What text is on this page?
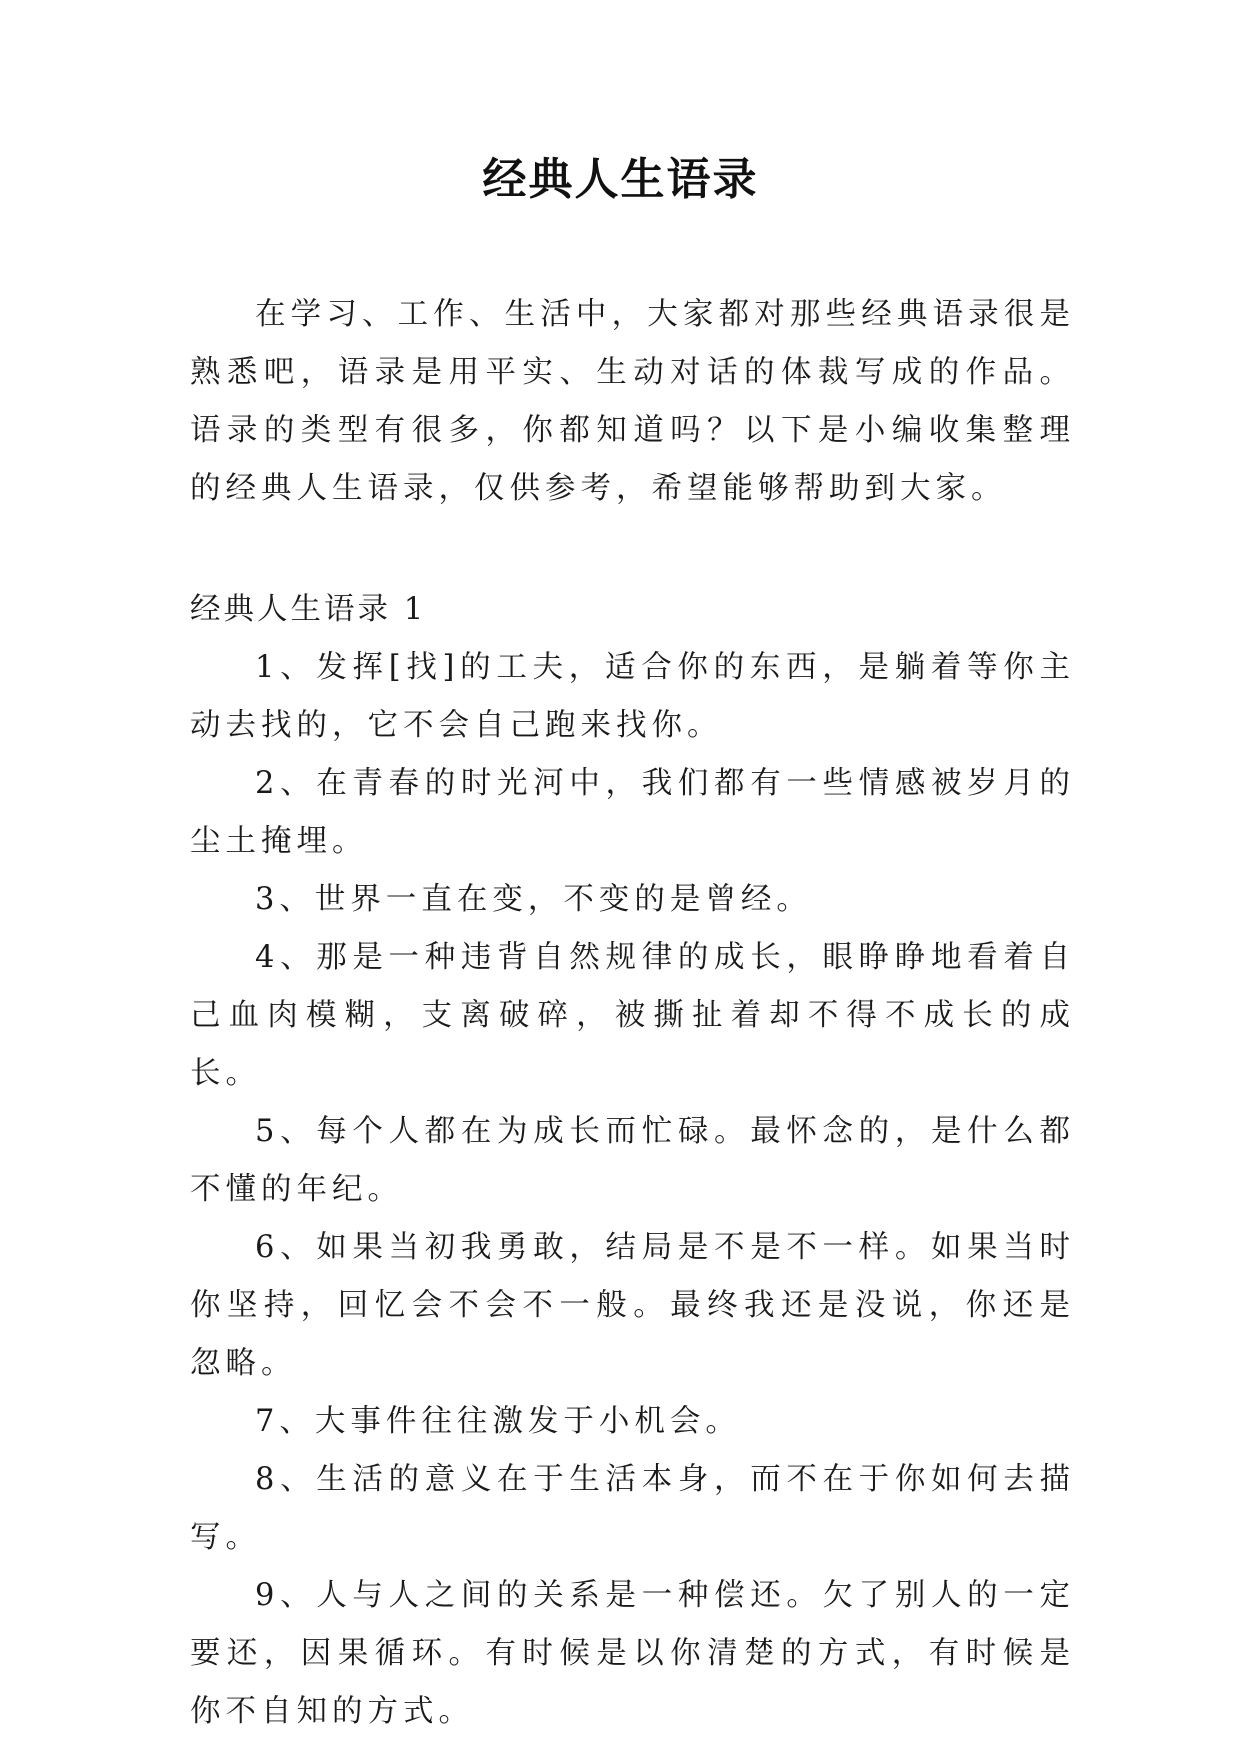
经典人生语录

在学习、工作、生活中，大家都对那些经典语录很是熟悉吧，语录是用平实、生动对话的体裁写成的作品。语录的类型有很多，你都知道吗？以下是小编收集整理的经典人生语录，仅供参考，希望能够帮助到大家。

经典人生语录 1
1、发挥[找]的工夫，适合你的东西，是躺着等你主动去找的，它不会自己跑来找你。
2、在青春的时光河中，我们都有一些情感被岁月的尘土掩埋。
3、世界一直在变，不变的是曾经。
4、那是一种违背自然规律的成长，眼睁睁地看着自己血肉模糊，支离破碎，被撕扯着却不得不成长的成长。
5、每个人都在为成长而忙碌。最怀念的，是什么都不懂的年纪。
6、如果当初我勇敢，结局是不是不一样。如果当时你坚持，回忆会不会不一般。最终我还是没说，你还是忽略。
7、大事件往往激发于小机会。
8、生活的意义在于生活本身，而不在于你如何去描写。
9、人与人之间的关系是一种偿还。欠了别人的一定要还，因果循环。有时候是以你清楚的方式，有时候是你不自知的方式。
